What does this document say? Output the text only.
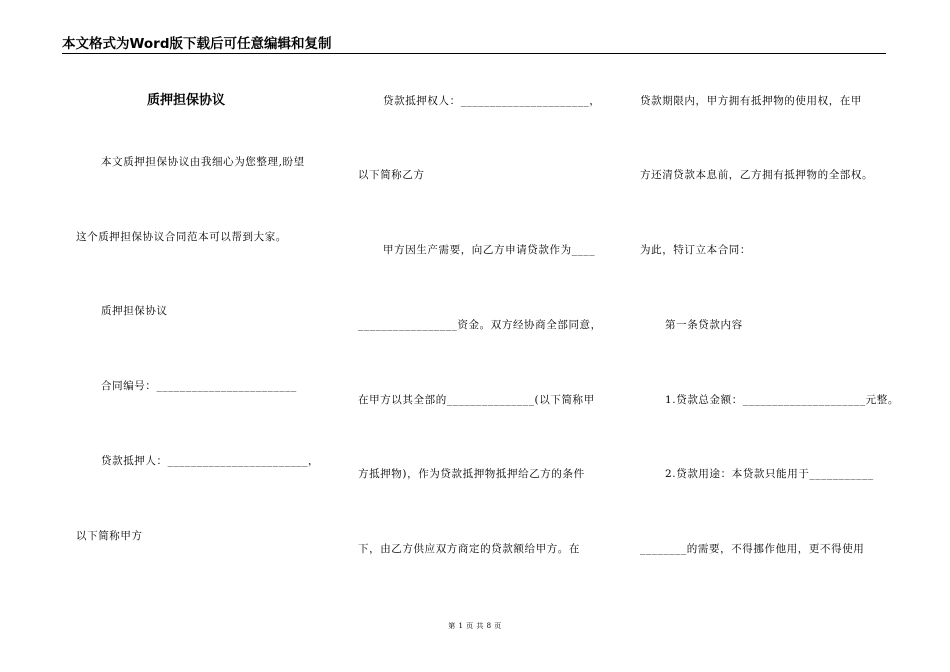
本文格式为Word版下载后可任意编辑和复制
质押担保协议
本文质押担保协议由我细心为您整理,盼望
这个质押担保协议合同范本可以帮到大家。
质押担保协议
合同编号：________________________
贷款抵押人：________________________，
以下简称甲方
贷款抵押权人：______________________，
以下简称乙方
甲方因生产需要，向乙方申请贷款作为____
_________________资金。双方经协商全部同意，
在甲方以其全部的_______________(以下简称甲
方抵押物)，作为贷款抵押物抵押给乙方的条件
下，由乙方供应双方商定的贷款额给甲方。在
贷款期限内，甲方拥有抵押物的使用权，在甲
方还清贷款本息前，乙方拥有抵押物的全部权。
为此，特订立本合同：
第一条贷款内容
1.贷款总金额：_____________________元整。
2.贷款用途：本贷款只能用于___________
________的需要，不得挪作他用，更不得使用
第 1 页 共 8 页
